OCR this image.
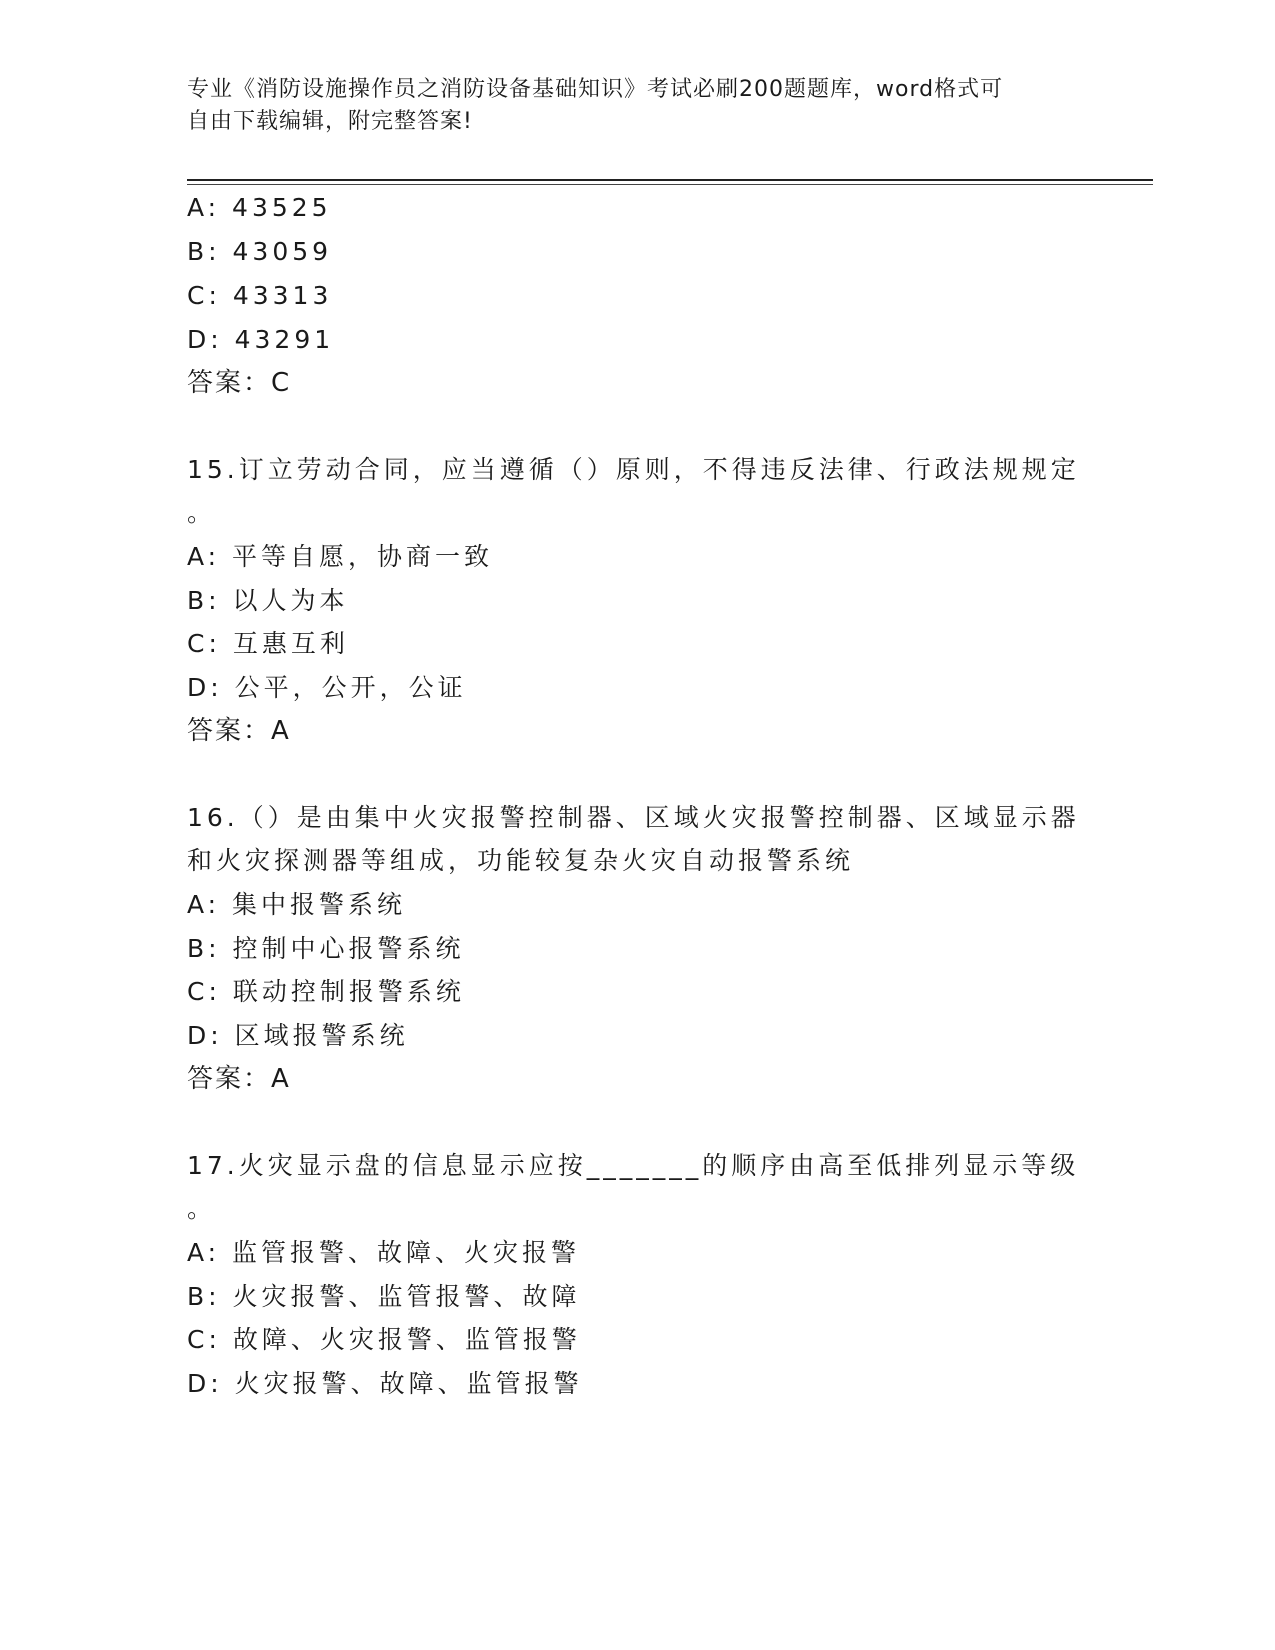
专业《消防设施操作员之消防设备基础知识》考试必刷200题题库，word格式可
自由下载编辑，附完整答案!
A: 43525
B: 43059
C: 43313
D: 43291
答案：C
15.订立劳动合同，应当遵循（）原则，不得违反法律、行政法规规定
。
A: 平等自愿，协商一致
B: 以人为本
C: 互惠互利
D: 公平，公开，公证
答案：A
16.（）是由集中火灾报警控制器、区域火灾报警控制器、区域显示器
和火灾探测器等组成，功能较复杂火灾自动报警系统
A: 集中报警系统
B: 控制中心报警系统
C: 联动控制报警系统
D: 区域报警系统
答案：A
17.火灾显示盘的信息显示应按_______的顺序由高至低排列显示等级
。
A: 监管报警、故障、火灾报警
B: 火灾报警、监管报警、故障
C: 故障、火灾报警、监管报警
D: 火灾报警、故障、监管报警
